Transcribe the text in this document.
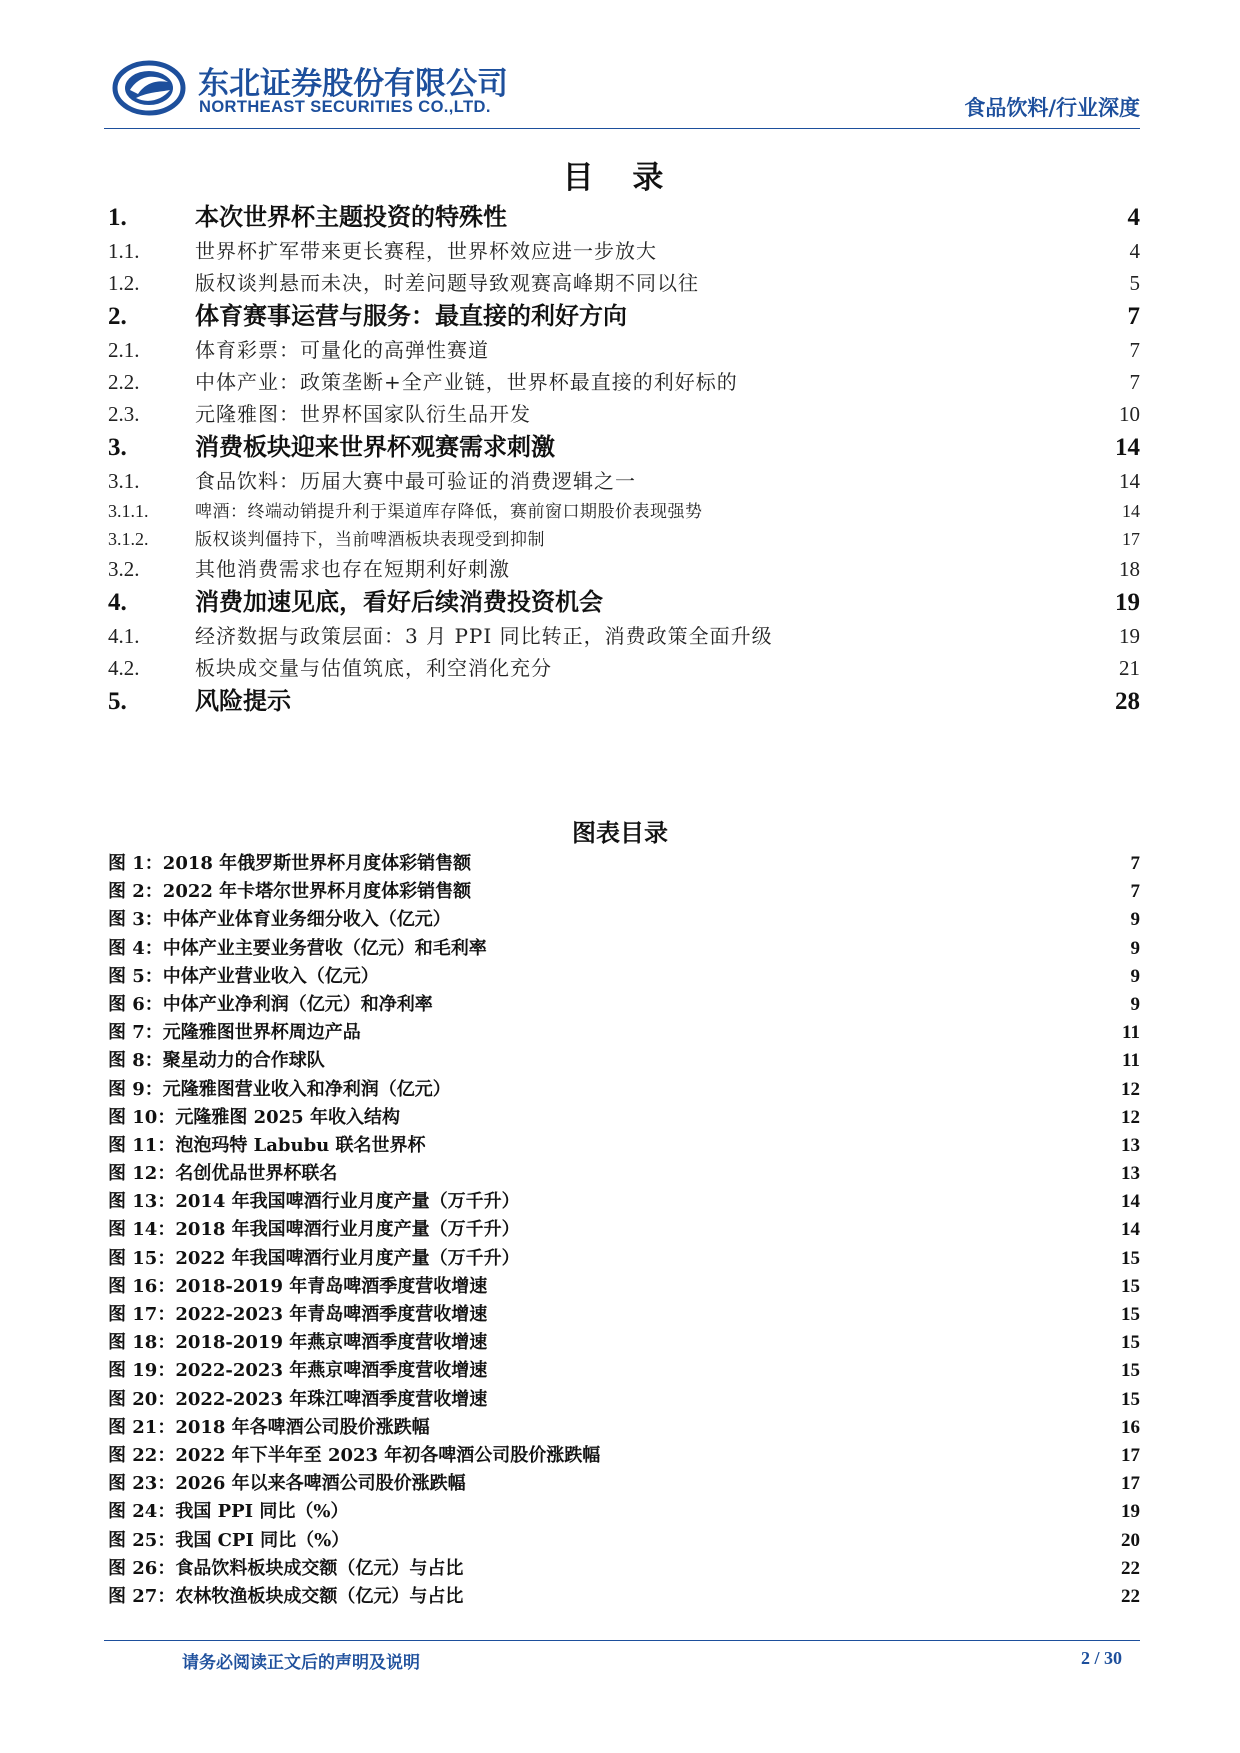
东北证券股份有限公司
NORTHEAST SECURITIES CO.,LTD.	食品饮料/行业深度
目 录
1.	本次世界杯主题投资的特殊性 .....	4
1.1.	世界杯扩军带来更长赛程，世界杯效应进一步放大 .....	4
1.2.	版权谈判悬而未决，时差问题导致观赛高峰期不同以往 .....	5
2.	体育赛事运营与服务：最直接的利好方向 .....	7
2.1.	体育彩票：可量化的高弹性赛道 .....	7
2.2.	中体产业：政策垄断+全产业链，世界杯最直接的利好标的 .....	7
2.3.	元隆雅图：世界杯国家队衍生品开发 .....	10
3.	消费板块迎来世界杯观赛需求刺激 .....	14
3.1.	食品饮料：历届大赛中最可验证的消费逻辑之一 .....	14
3.1.1.	啤酒：终端动销提升利于渠道库存降低，赛前窗口期股价表现强势 .....	14
3.1.2.	版权谈判僵持下，当前啤酒板块表现受到抑制 .....	17
3.2.	其他消费需求也存在短期利好刺激 .....	18
4.	消费加速见底，看好后续消费投资机会 .....	19
4.1.	经济数据与政策层面：3 月 PPI 同比转正，消费政策全面升级 .....	19
4.2.	板块成交量与估值筑底，利空消化充分 .....	21
5.	风险提示 .....	28
图表目录
图 1：2018 年俄罗斯世界杯月度体彩销售额 .....	7
图 2：2022 年卡塔尔世界杯月度体彩销售额 .....	7
图 3：中体产业体育业务细分收入（亿元） .....	9
图 4：中体产业主要业务营收（亿元）和毛利率 .....	9
图 5：中体产业营业收入（亿元） .....	9
图 6：中体产业净利润（亿元）和净利率 .....	9
图 7：元隆雅图世界杯周边产品 .....	11
图 8：聚星动力的合作球队 .....	11
图 9：元隆雅图营业收入和净利润（亿元） .....	12
图 10：元隆雅图 2025 年收入结构 .....	12
图 11：泡泡玛特 Labubu 联名世界杯 .....	13
图 12：名创优品世界杯联名 .....	13
图 13：2014 年我国啤酒行业月度产量（万千升） .....	14
图 14：2018 年我国啤酒行业月度产量（万千升） .....	14
图 15：2022 年我国啤酒行业月度产量（万千升） .....	15
图 16：2018-2019 年青岛啤酒季度营收增速 .....	15
图 17：2022-2023 年青岛啤酒季度营收增速 .....	15
图 18：2018-2019 年燕京啤酒季度营收增速 .....	15
图 19：2022-2023 年燕京啤酒季度营收增速 .....	15
图 20：2022-2023 年珠江啤酒季度营收增速 .....	15
图 21：2018 年各啤酒公司股价涨跌幅 .....	16
图 22：2022 年下半年至 2023 年初各啤酒公司股价涨跌幅 .....	17
图 23：2026 年以来各啤酒公司股价涨跌幅 .....	17
图 24：我国 PPI 同比（%） .....	19
图 25：我国 CPI 同比（%） .....	20
图 26：食品饮料板块成交额（亿元）与占比 .....	22
图 27：农林牧渔板块成交额（亿元）与占比 .....	22
请务必阅读正文后的声明及说明	2 / 30
